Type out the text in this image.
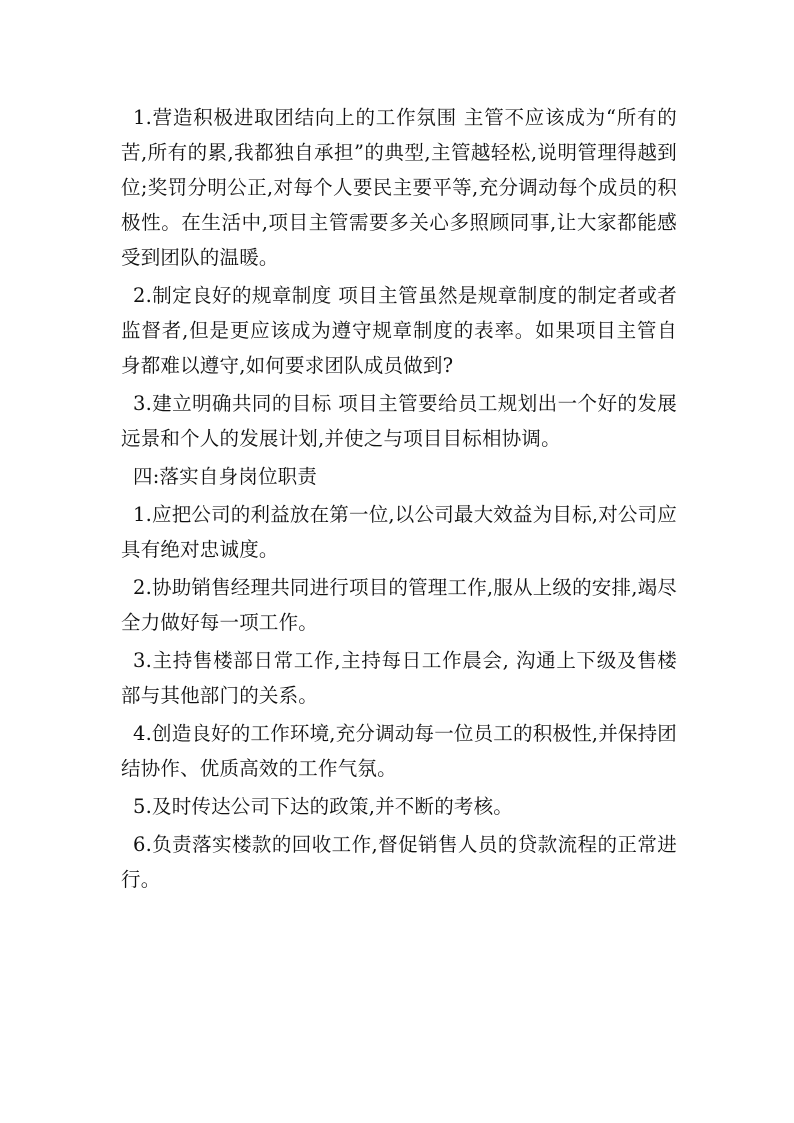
1.营造积极进取团结向上的工作氛围 主管不应该成为“所有的苦,所有的累,我都独自承担”的典型,主管越轻松,说明管理得越到位;奖罚分明公正,对每个人要民主要平等,充分调动每个成员的积极性。在生活中,项目主管需要多关心多照顾同事,让大家都能感受到团队的温暖。

2.制定良好的规章制度 项目主管虽然是规章制度的制定者或者监督者,但是更应该成为遵守规章制度的表率。如果项目主管自身都难以遵守,如何要求团队成员做到?

3.建立明确共同的目标 项目主管要给员工规划出一个好的发展远景和个人的发展计划,并使之与项目目标相协调。

四:落实自身岗位职责

1.应把公司的利益放在第一位,以公司最大效益为目标,对公司应具有绝对忠诚度。

2.协助销售经理共同进行项目的管理工作,服从上级的安排,竭尽全力做好每一项工作。

3.主持售楼部日常工作,主持每日工作晨会, 沟通上下级及售楼部与其他部门的关系。

4.创造良好的工作环境,充分调动每一位员工的积极性,并保持团结协作、优质高效的工作气氛。

5.及时传达公司下达的政策,并不断的考核。

6.负责落实楼款的回收工作,督促销售人员的贷款流程的正常进行。
